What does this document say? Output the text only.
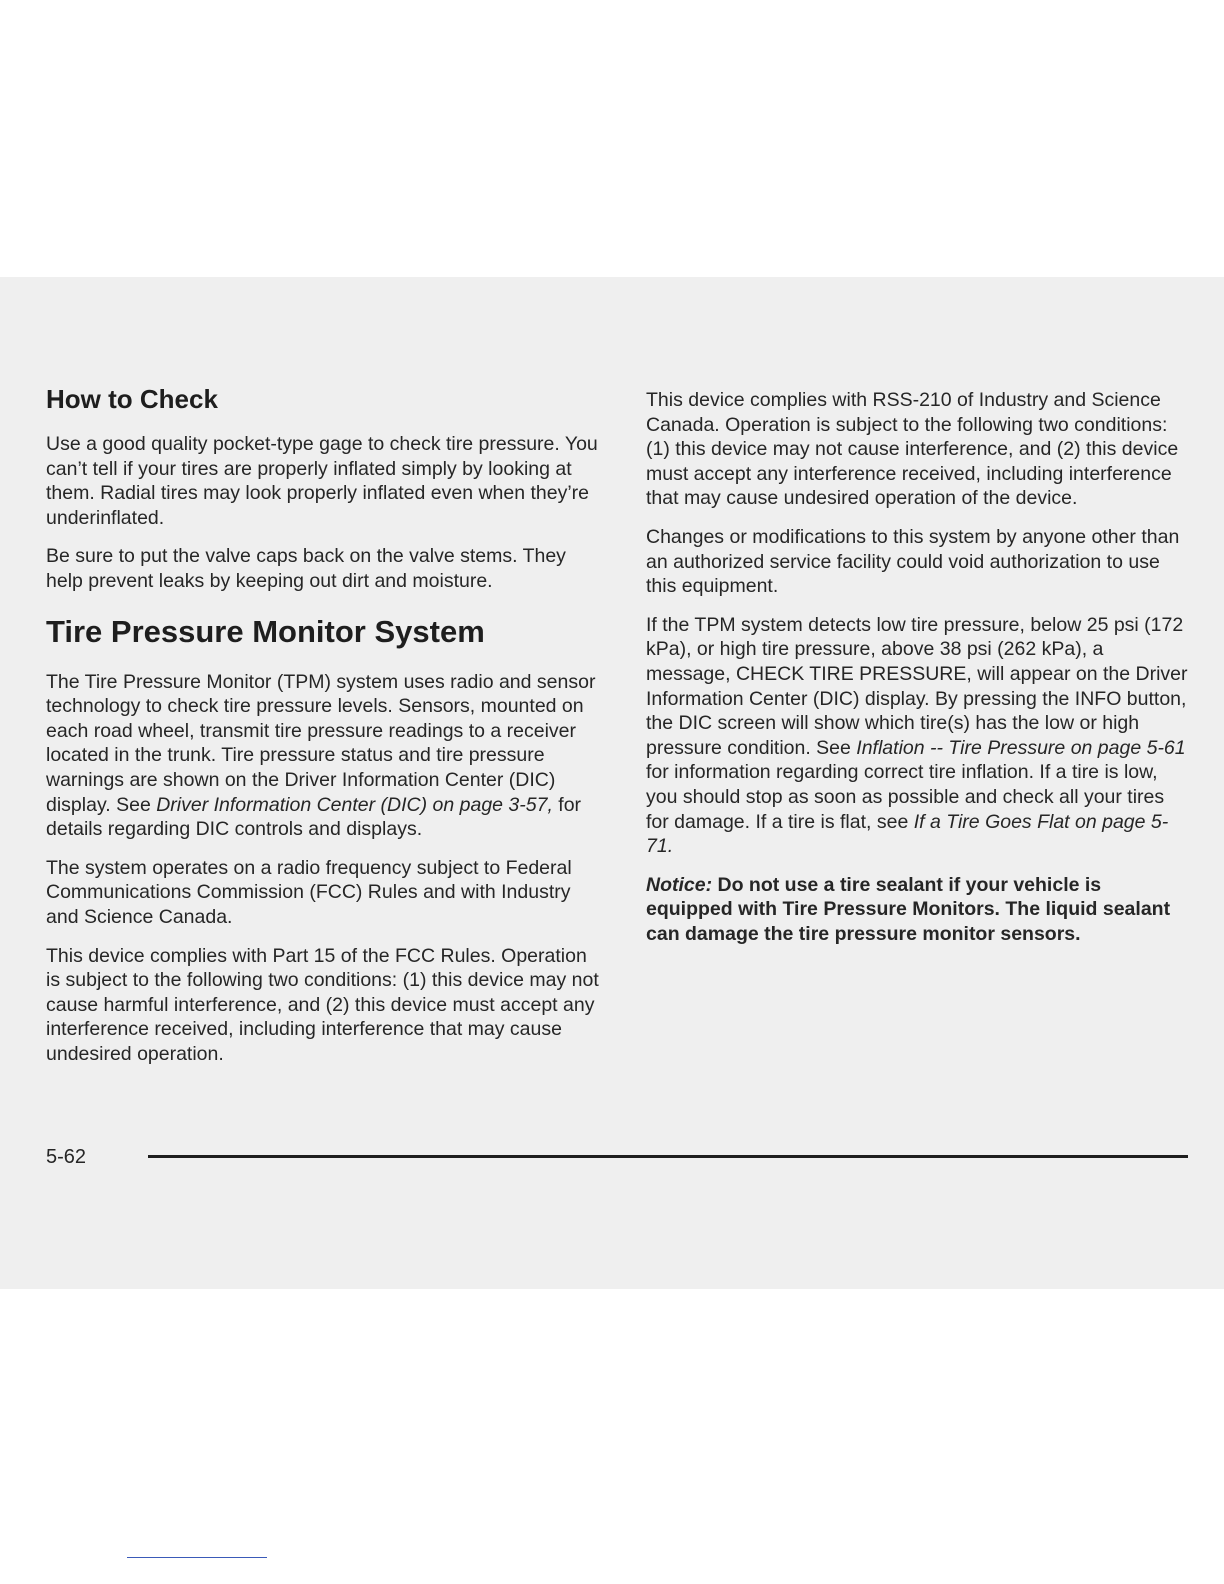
How to Check

Use a good quality pocket-type gage to check tire pressure. You can’t tell if your tires are properly inflated simply by looking at them. Radial tires may look properly inflated even when they’re underinflated.

Be sure to put the valve caps back on the valve stems. They help prevent leaks by keeping out dirt and moisture.

Tire Pressure Monitor System

The Tire Pressure Monitor (TPM) system uses radio and sensor technology to check tire pressure levels. Sensors, mounted on each road wheel, transmit tire pressure readings to a receiver located in the trunk. Tire pressure status and tire pressure warnings are shown on the Driver Information Center (DIC) display. See Driver Information Center (DIC) on page 3-57, for details regarding DIC controls and displays.

The system operates on a radio frequency subject to Federal Communications Commission (FCC) Rules and with Industry and Science Canada.

This device complies with Part 15 of the FCC Rules. Operation is subject to the following two conditions: (1) this device may not cause harmful interference, and (2) this device must accept any interference received, including interference that may cause undesired operation.

This device complies with RSS-210 of Industry and Science Canada. Operation is subject to the following two conditions: (1) this device may not cause interference, and (2) this device must accept any interference received, including interference that may cause undesired operation of the device.

Changes or modifications to this system by anyone other than an authorized service facility could void authorization to use this equipment.

If the TPM system detects low tire pressure, below 25 psi (172 kPa), or high tire pressure, above 38 psi (262 kPa), a message, CHECK TIRE PRESSURE, will appear on the Driver Information Center (DIC) display. By pressing the INFO button, the DIC screen will show which tire(s) has the low or high pressure condition. See Inflation -- Tire Pressure on page 5-61 for information regarding correct tire inflation. If a tire is low, you should stop as soon as possible and check all your tires for damage. If a tire is flat, see If a Tire Goes Flat on page 5-71.

Notice: Do not use a tire sealant if your vehicle is equipped with Tire Pressure Monitors. The liquid sealant can damage the tire pressure monitor sensors.

5-62
